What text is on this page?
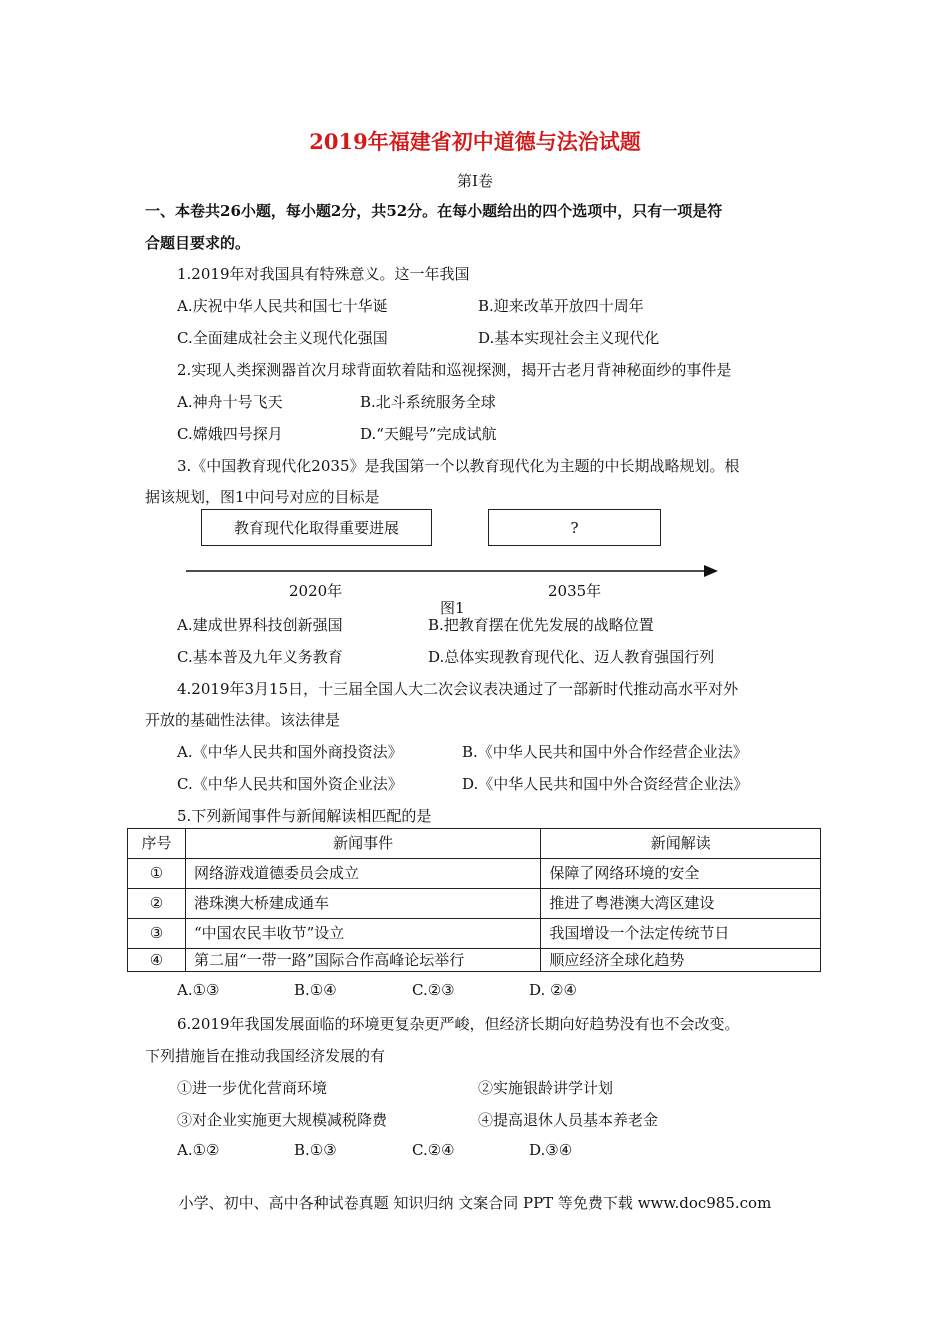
2019年福建省初中道德与法治试题
第Ⅰ卷
一、本卷共26小题，每小题2分，共52分。在每小题给出的四个选项中，只有一项是符
合题目要求的。
1.2019年对我国具有特殊意义。这一年我国
A.庆祝中华人民共和国七十华诞	B.迎来改革开放四十周年
C.全面建成社会主义现代化强国	D.基本实现社会主义现代化
2.实现人类探测器首次月球背面软着陆和巡视探测，揭开古老月背神秘面纱的事件是
A.神舟十号飞天	B.北斗系统服务全球
C.嫦娥四号探月	D.“天鲲号”完成试航
3.《中国教育现代化2035》是我国第一个以教育现代化为主题的中长期战略规划。根
据该规划，图1中问号对应的目标是
教育现代化取得重要进展	?
2020年	2035年
图1
A.建成世界科技创新强国	B.把教育摆在优先发展的战略位置
C.基本普及九年义务教育	D.总体实现教育现代化、迈人教育强国行列
4.2019年3月15日，十三届全国人大二次会议表决通过了一部新时代推动高水平对外
开放的基础性法律。该法律是
A.《中华人民共和国外商投资法》	B.《中华人民共和国中外合作经营企业法》
C.《中华人民共和国外资企业法》	D.《中华人民共和国中外合资经营企业法》
5.下列新闻事件与新闻解读相匹配的是
序号	新闻事件	新闻解读
①	网络游戏道德委员会成立	保障了网络环境的安全
②	港珠澳大桥建成通车	推进了粤港澳大湾区建设
③	“中国农民丰收节”设立	我国增设一个法定传统节日
④	第二届“一带一路”国际合作高峰论坛举行	顺应经济全球化趋势
A.①③	B.①④	C.②③	D. ②④
6.2019年我国发展面临的环境更复杂更严峻，但经济长期向好趋势没有也不会改变。
下列措施旨在推动我国经济发展的有
①进一步优化营商环境	②实施银龄讲学计划
③对企业实施更大规模减税降费	④提高退休人员基本养老金
A.①②	B.①③	C.②④	D.③④
小学、初中、高中各种试卷真题 知识归纳 文案合同 PPT 等免费下载 www.doc985.com
